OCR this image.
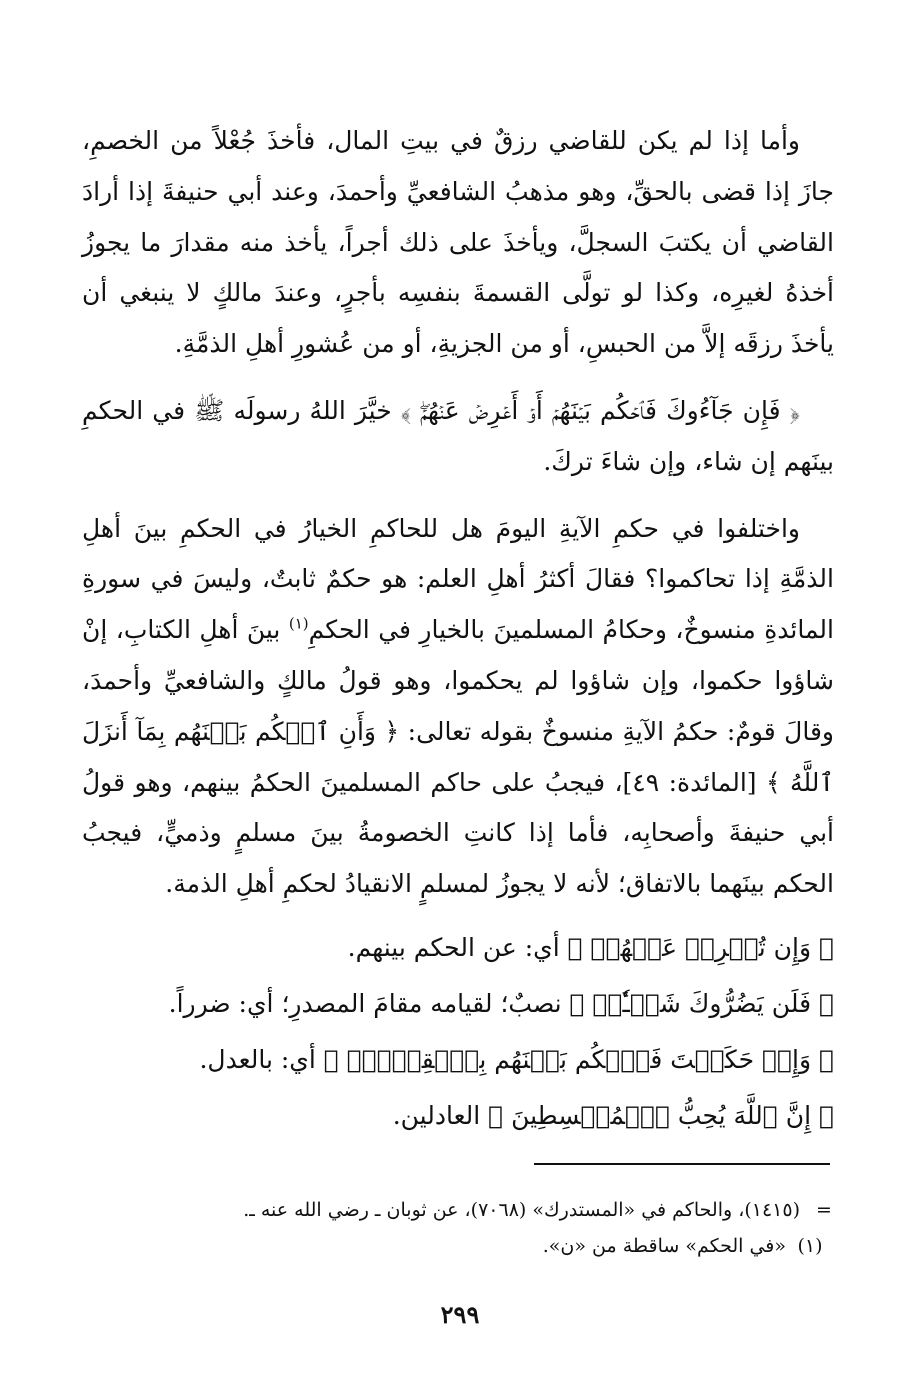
وأما إذا لم يكن للقاضي رزقٌ في بيتِ المال، فأخذَ جُعْلاً من الخصمِ، جازَ إذا قضى بالحقِّ، وهو مذهبُ الشافعيِّ وأحمدَ، وعند أبي حنيفةَ إذا أرادَ القاضي أن يكتبَ السجلَّ، ويأخذَ على ذلك أجراً، يأخذ منه مقدارَ ما يجوزُ أخذهُ لغيرِه، وكذا لو تولَّى القسمةَ بنفسِه بأجرٍ، وعندَ مالكٍ لا ينبغي أن يأخذَ رزقَه إلاَّ من الحبسِ، أو من الجزيةِ، أو من عُشورِ أهلِ الذمَّةِ.

﴿ فَإِن جَآءُوكَ فَٱحۡكُم بَيۡنَهُمۡ أَوۡ أَعۡرِضۡ عَنۡهُمۡۖ ﴾ خيَّرَ اللهُ رسولَه ﷺ في الحكمِ بينَهم إن شاء، وإن شاءَ تركَ.

واختلفوا في حكمِ الآيةِ اليومَ هل للحاكمِ الخيارُ في الحكمِ بينَ أهلِ الذمَّةِ إذا تحاكموا؟ فقالَ أكثرُ أهلِ العلم: هو حكمٌ ثابتٌ، وليسَ في سورةِ المائدةِ منسوخٌ، وحكامُ المسلمينَ بالخيارِ في الحكمِ$^{(١)}$ بينَ أهلِ الكتابِ، إنْ شاؤوا حكموا، وإن شاؤوا لم يحكموا، وهو قولُ مالكٍ والشافعيِّ وأحمدَ، وقالَ قومٌ: حكمُ الآيةِ منسوخٌ بقوله تعالى: ﴿ وَأَنِ ٱحۡكُم بَيۡنَهُم بِمَآ أَنزَلَ ٱللَّهُ ﴾ [المائدة: ٤٩]، فيجبُ على حاكم المسلمينَ الحكمُ بينهم، وهو قولُ أبي حنيفةَ وأصحابِه، فأما إذا كانتِ الخصومةُ بينَ مسلمٍ وذميٍّ، فيجبُ الحكم بينَهما بالاتفاق؛ لأنه لا يجوزُ لمسلمٍ الانقيادُ لحكمِ أهلِ الذمة.

﴿ وَإِن تُعۡرِضۡ عَنۡهُمۡ ﴾ أي: عن الحكم بينهم.

﴿ فَلَن يَضُرُّوكَ شَيۡـٔٗاۖ ﴾ نصبٌ؛ لقيامه مقامَ المصدرِ؛ أي: ضرراً.

﴿ وَإِنۡ حَكَمۡتَ فَٱحۡكُم بَيۡنَهُم بِٱلۡقِسۡطِۚ ﴾ أي: بالعدل.

﴿ إِنَّ ٱللَّهَ يُحِبُّ ٱلۡمُقۡسِطِينَ ﴾ العادلين.

=
(١٤١٥)، والحاكم في «المستدرك» (٧٠٦٨)، عن ثوبان ـ رضي الله عنه ـ.
(١)
«في الحكم» ساقطة من «ن».
٢٩٩
